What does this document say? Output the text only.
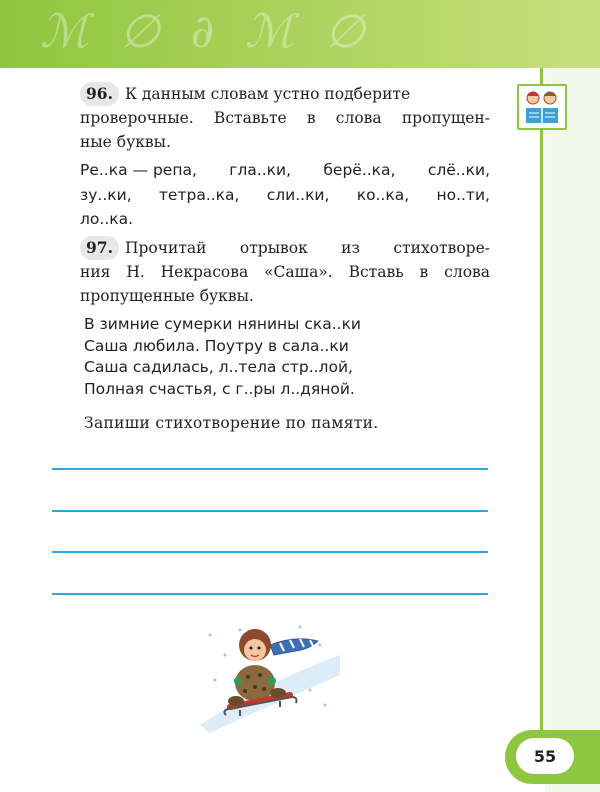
ℳ ∅ ∂ ℳ ∅
96. К данным словам устно подберите
проверочные. Вставьте в слова пропущен-
ные буквы.
Ре..ка — репа, гла..ки, берё..ка, слё..ки,
зу..ки, тетра..ка, сли..ки, ко..ка, но..ти,
ло..ка.
97. Прочитай отрывок из стихотворе-
ния Н. Некрасова «Саша». Вставь в слова
пропущенные буквы.
В зимние сумерки нянины ска..ки
Саша любила. Поутру в сала..ки
Саша садилась, л..тела стр..лой,
Полная счастья, с г..ры л..дяной.
Запиши стихотворение по памяти.
55
